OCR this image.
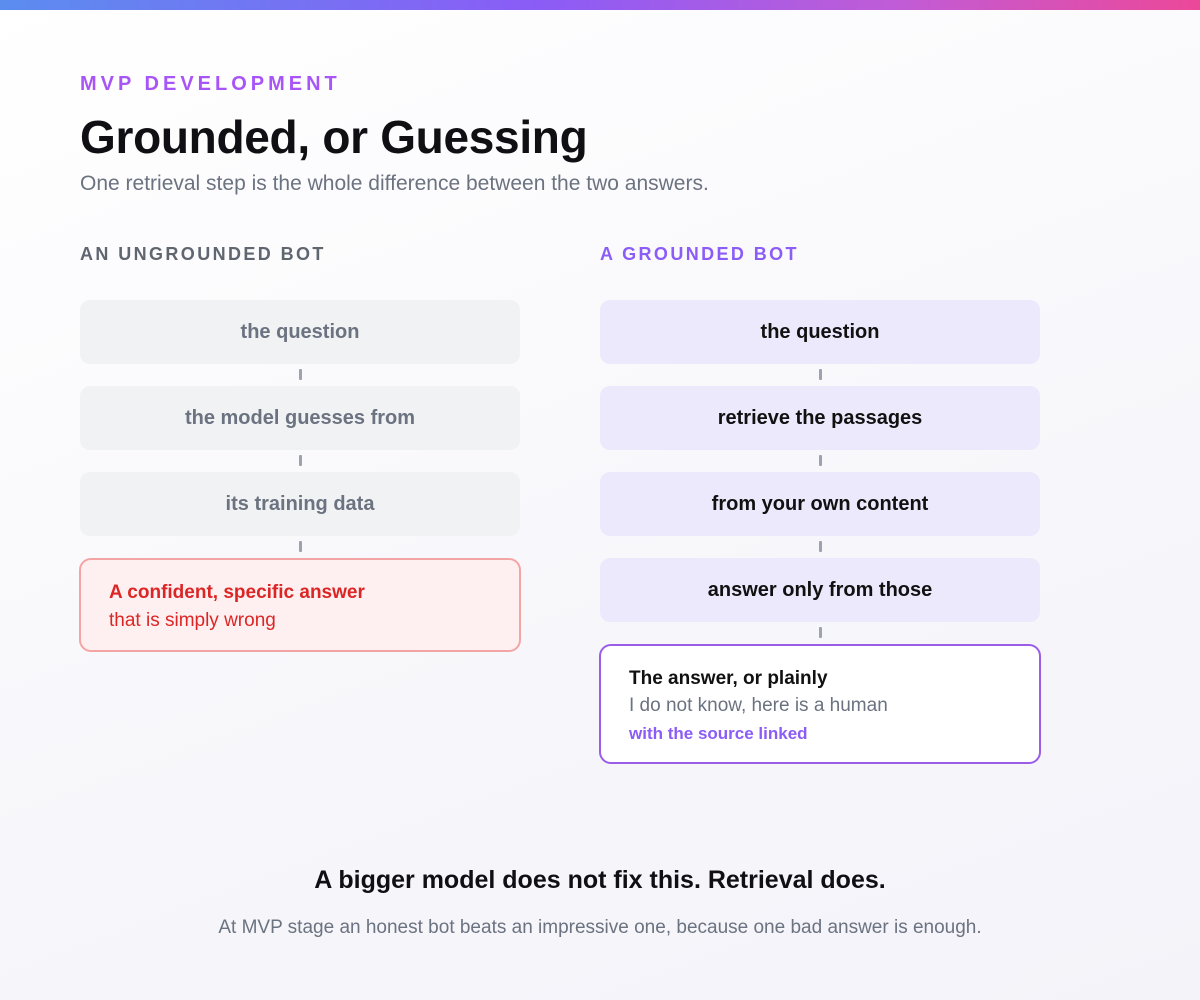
MVP DEVELOPMENT

Grounded, or Guessing

One retrieval step is the whole difference between the two answers.

AN UNGROUNDED BOT	A GROUNDED BOT
the question
the model guesses from
its training data

A confident, specific answer

that is simply wrong

the question
retrieve the passages
from your own content
answer only from those

The answer, or plainly

I do not know, here is a human

with the source linked

A bigger model does not fix this. Retrieval does.

At MVP stage an honest bot beats an impressive one, because one bad answer is enough.
